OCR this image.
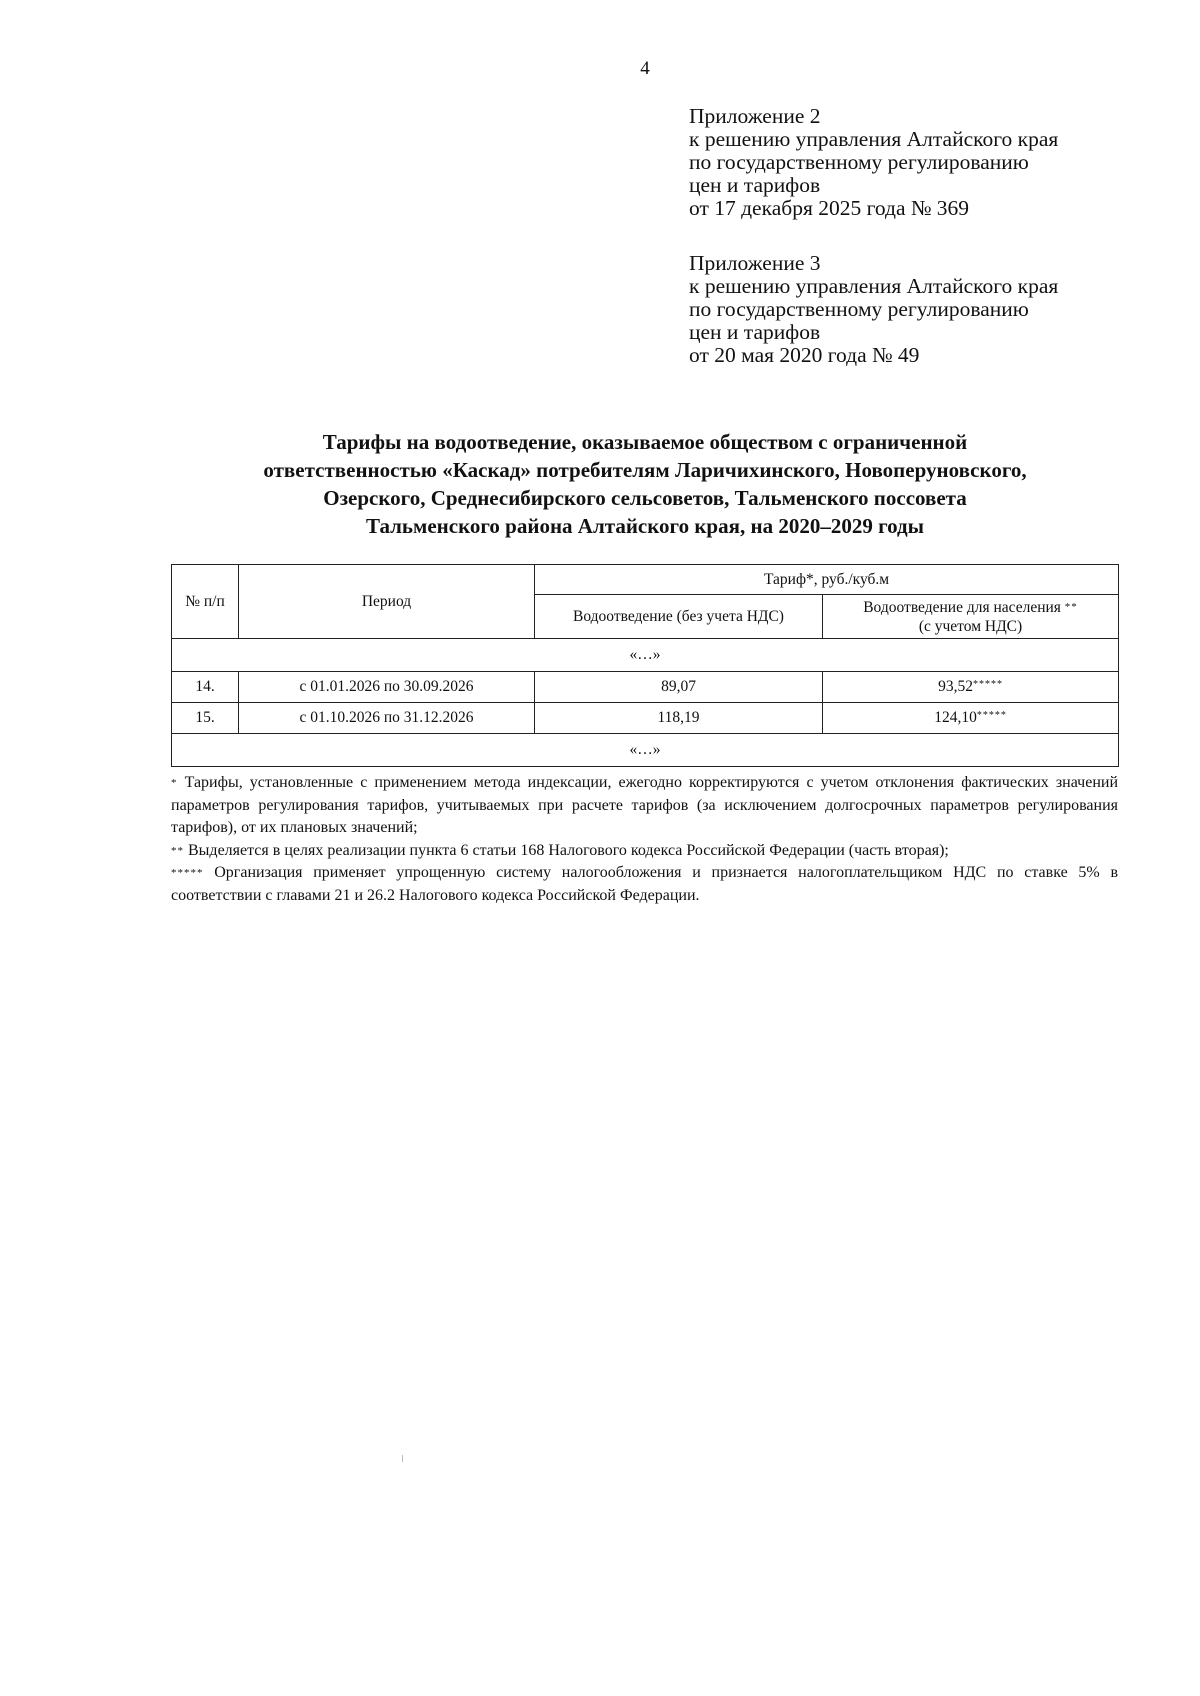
4
Приложение 2
к решению управления Алтайского края
по государственному регулированию
цен и тарифов
от 17 декабря 2025 года № 369
Приложение 3
к решению управления Алтайского края
по государственному регулированию
цен и тарифов
от 20 мая 2020 года № 49
Тарифы на водоотведение, оказываемое обществом с ограниченной
ответственностью «Каскад» потребителям Ларичихинского, Новоперуновского,
Озерского, Среднесибирского сельсоветов, Тальменского поссовета
Тальменского района Алтайского края, на 2020–2029 годы
№ п/п	Период	Тариф*, руб./куб.м	
		Водоотведение (без учета НДС)	Водоотведение для населения **
(с учетом НДС)
«…»			
14.	с 01.01.2026 по 30.09.2026	89,07	93,52*****
15.	с 01.10.2026 по 31.12.2026	118,19	124,10*****
«…»			

* Тарифы, установленные с применением метода индексации, ежегодно корректируются с учетом отклонения фактических значений параметров регулирования тарифов, учитываемых при расчете тарифов (за исключением долгосрочных параметров регулирования тарифов), от их плановых значений;

** Выделяется в целях реализации пункта 6 статьи 168 Налогового кодекса Российской Федерации (часть вторая);

***** Организация применяет упрощенную систему налогообложения и признается налогоплательщиком НДС по ставке 5% в соответствии с главами 21 и 26.2 Налогового кодекса Российской Федерации.
